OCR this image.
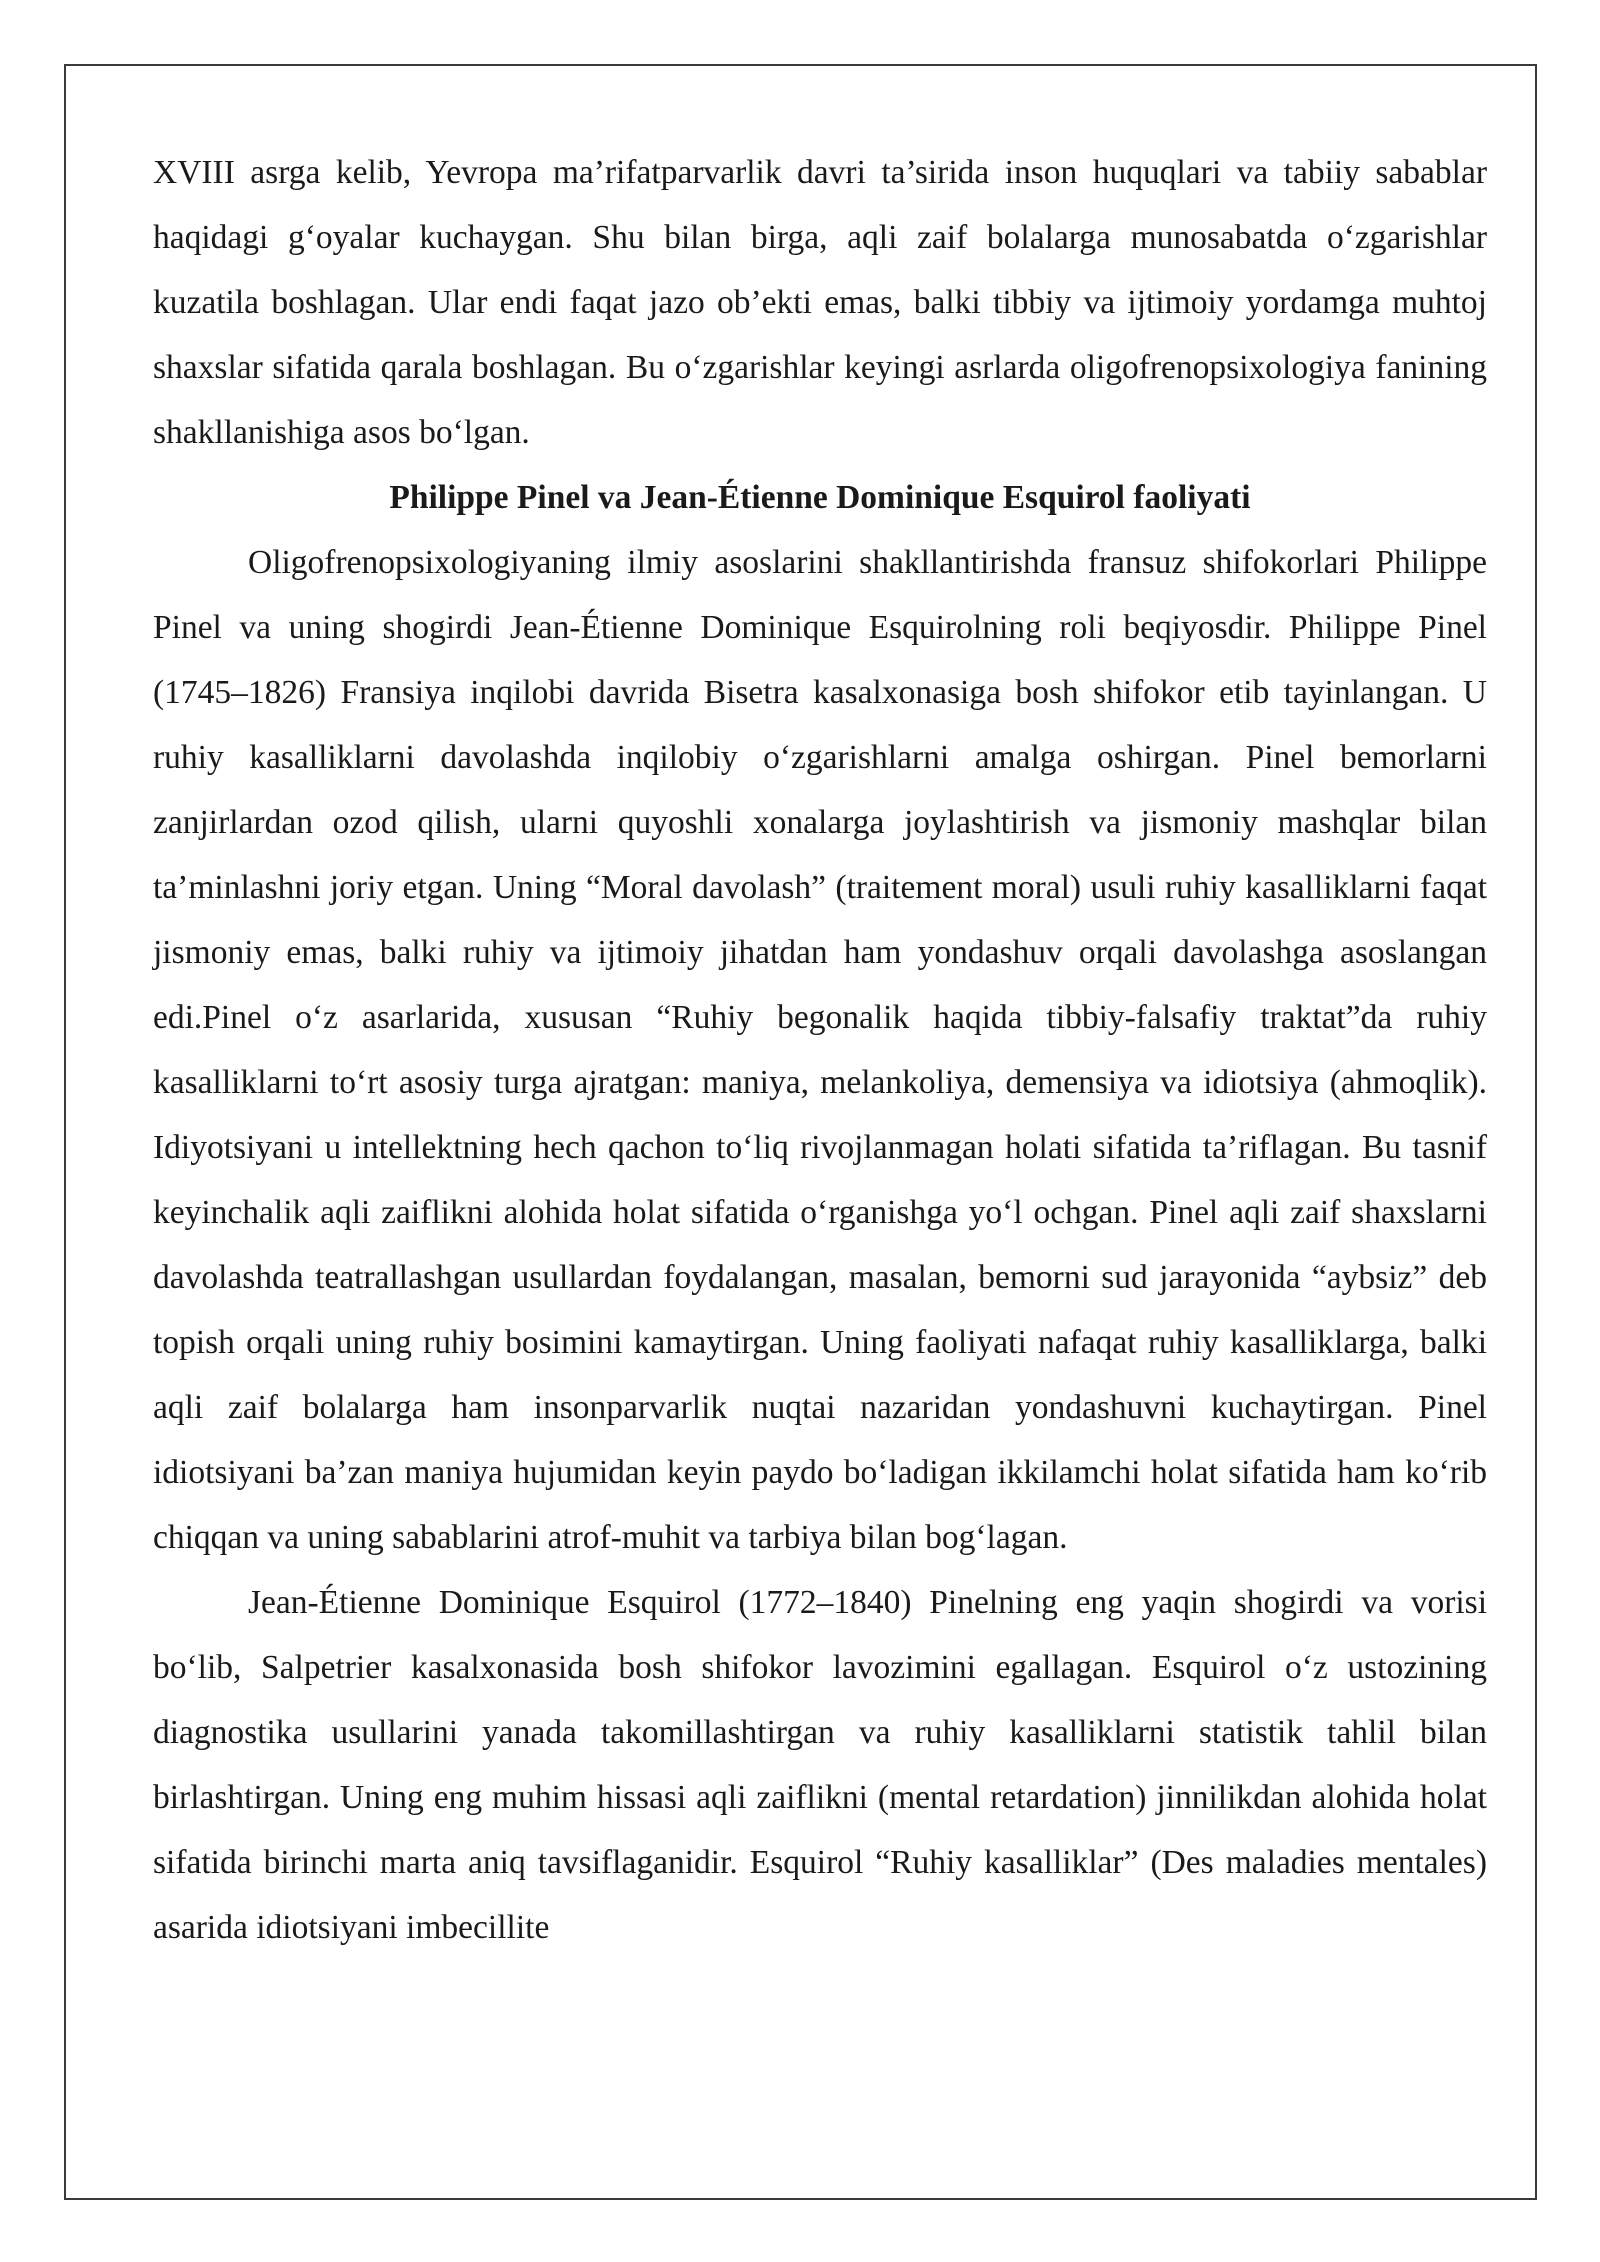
XVIII asrga kelib, Yevropa ma’rifatparvarlik davri ta’sirida inson huquqlari va tabiiy sabablar haqidagi g‘oyalar kuchaygan. Shu bilan birga, aqli zaif bolalarga munosabatda o‘zgarishlar kuzatila boshlagan. Ular endi faqat jazo ob’ekti emas, balki tibbiy va ijtimoiy yordamga muhtoj shaxslar sifatida qarala boshlagan. Bu o‘zgarishlar keyingi asrlarda oligofrenopsixologiya fanining shakllanishiga asos bo‘lgan.

Philippe Pinel va Jean-Étienne Dominique Esquirol faoliyati

Oligofrenopsixologiyaning ilmiy asoslarini shakllantirishda fransuz shifokorlari Philippe Pinel va uning shogirdi Jean-Étienne Dominique Esquirolning roli beqiyosdir. Philippe Pinel (1745–1826) Fransiya inqilobi davrida Bisetra kasalxonasiga bosh shifokor etib tayinlangan. U ruhiy kasalliklarni davolashda inqilobiy o‘zgarishlarni amalga oshirgan. Pinel bemorlarni zanjirlardan ozod qilish, ularni quyoshli xonalarga joylashtirish va jismoniy mashqlar bilan ta’minlashni joriy etgan. Uning “Moral davolash” (traitement moral) usuli ruhiy kasalliklarni faqat jismoniy emas, balki ruhiy va ijtimoiy jihatdan ham yondashuv orqali davolashga asoslangan edi.Pinel o‘z asarlarida, xususan “Ruhiy begonalik haqida tibbiy-falsafiy traktat”da ruhiy kasalliklarni to‘rt asosiy turga ajratgan: maniya, melankoliya, demensiya va idiotsiya (ahmoqlik). Idiyotsiyani u intellektning hech qachon to‘liq rivojlanmagan holati sifatida ta’riflagan. Bu tasnif keyinchalik aqli zaiflikni alohida holat sifatida o‘rganishga yo‘l ochgan. Pinel aqli zaif shaxslarni davolashda teatrallashgan usullardan foydalangan, masalan, bemorni sud jarayonida “aybsiz” deb topish orqali uning ruhiy bosimini kamaytirgan. Uning faoliyati nafaqat ruhiy kasalliklarga, balki aqli zaif bolalarga ham insonparvarlik nuqtai nazaridan yondashuvni kuchaytirgan. Pinel idiotsiyani ba’zan maniya hujumidan keyin paydo bo‘ladigan ikkilamchi holat sifatida ham ko‘rib chiqqan va uning sabablarini atrof-muhit va tarbiya bilan bog‘lagan.

Jean-Étienne Dominique Esquirol (1772–1840) Pinelning eng yaqin shogirdi va vorisi bo‘lib, Salpetrier kasalxonasida bosh shifokor lavozimini egallagan. Esquirol o‘z ustozining diagnostika usullarini yanada takomillashtirgan va ruhiy kasalliklarni statistik tahlil bilan birlashtirgan. Uning eng muhim hissasi aqli zaiflikni (mental retardation) jinnilikdan alohida holat sifatida birinchi marta aniq tavsiflaganidir. Esquirol “Ruhiy kasalliklar” (Des maladies mentales) asarida idiotsiyani imbecillite
